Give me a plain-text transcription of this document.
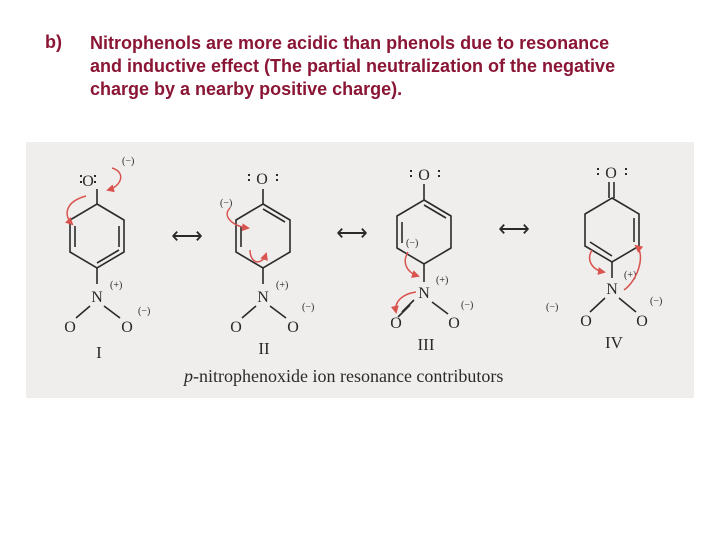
b) Nitrophenols are more acidic than phenols due to resonance
and inductive effect (The partial neutralization of the negative
charge by a nearby positive charge).

O
(−)
N
(+)
O	O
(−)
I
⟷
O
(−)
N
(+)
O	O
(−)
II
⟷
O
(−)
N
(+)
O	O
(−)
III
⟷
O
N
(+)
O	O
(−)
(−)
IV
p-nitrophenoxide ion resonance contributors
